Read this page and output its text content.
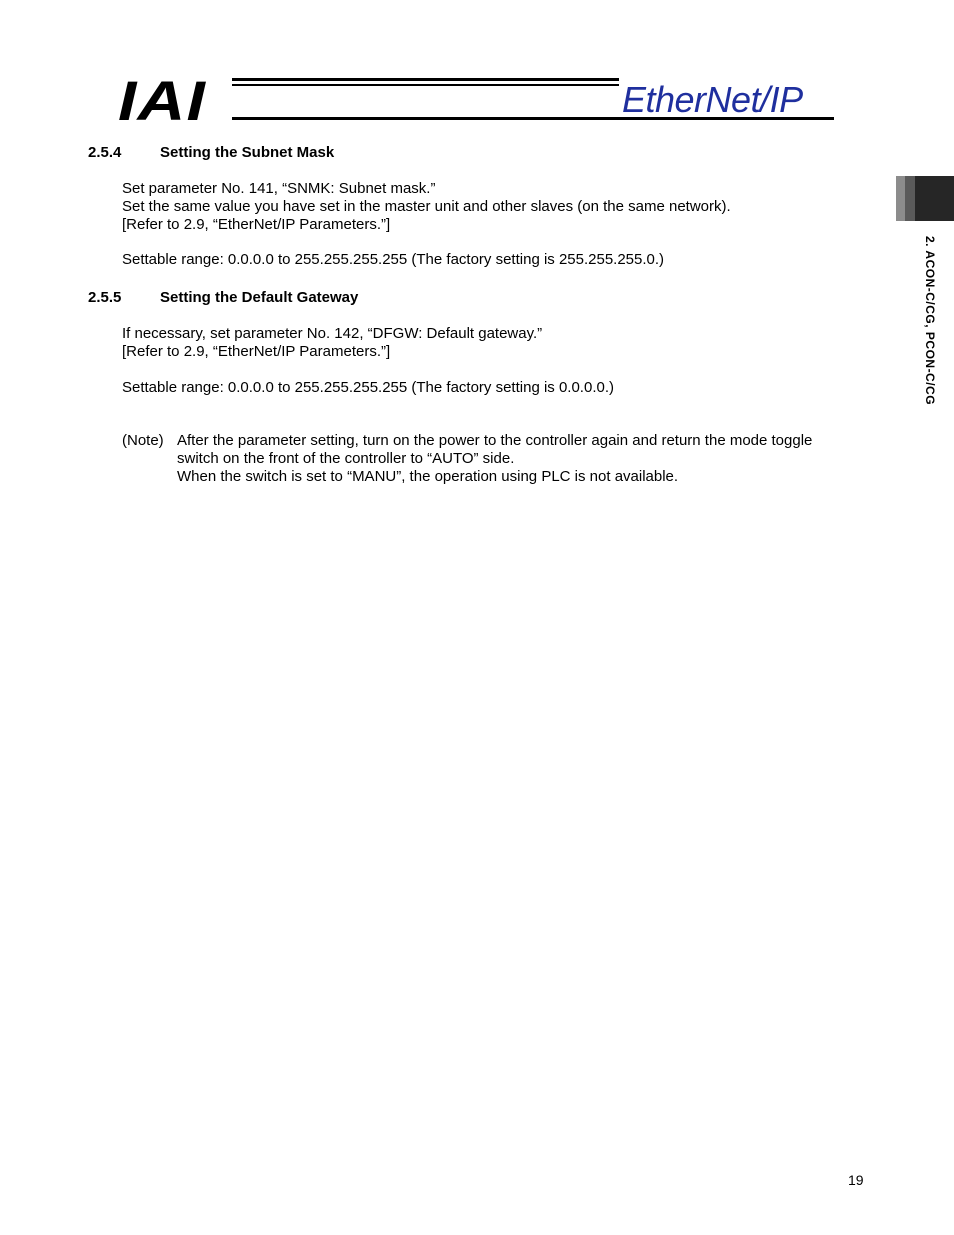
IAI	EtherNet/IP
2. ACON-C/CG, PCON-C/CG
2.5.4	Setting the Subnet Mask
Set parameter No. 141, “SNMK: Subnet mask.”
Set the same value you have set in the master unit and other slaves (on the same network).
[Refer to 2.9, “EtherNet/IP Parameters.”]
Settable range: 0.0.0.0 to 255.255.255.255 (The factory setting is 255.255.255.0.)
2.5.5	Setting the Default Gateway
If necessary, set parameter No. 142, “DFGW: Default gateway.”
[Refer to 2.9, “EtherNet/IP Parameters.”]
Settable range: 0.0.0.0 to 255.255.255.255 (The factory setting is 0.0.0.0.)
(Note) After the parameter setting, turn on the power to the controller again and return the mode toggle
switch on the front of the controller to “AUTO” side.
When the switch is set to “MANU”, the operation using PLC is not available.
19
